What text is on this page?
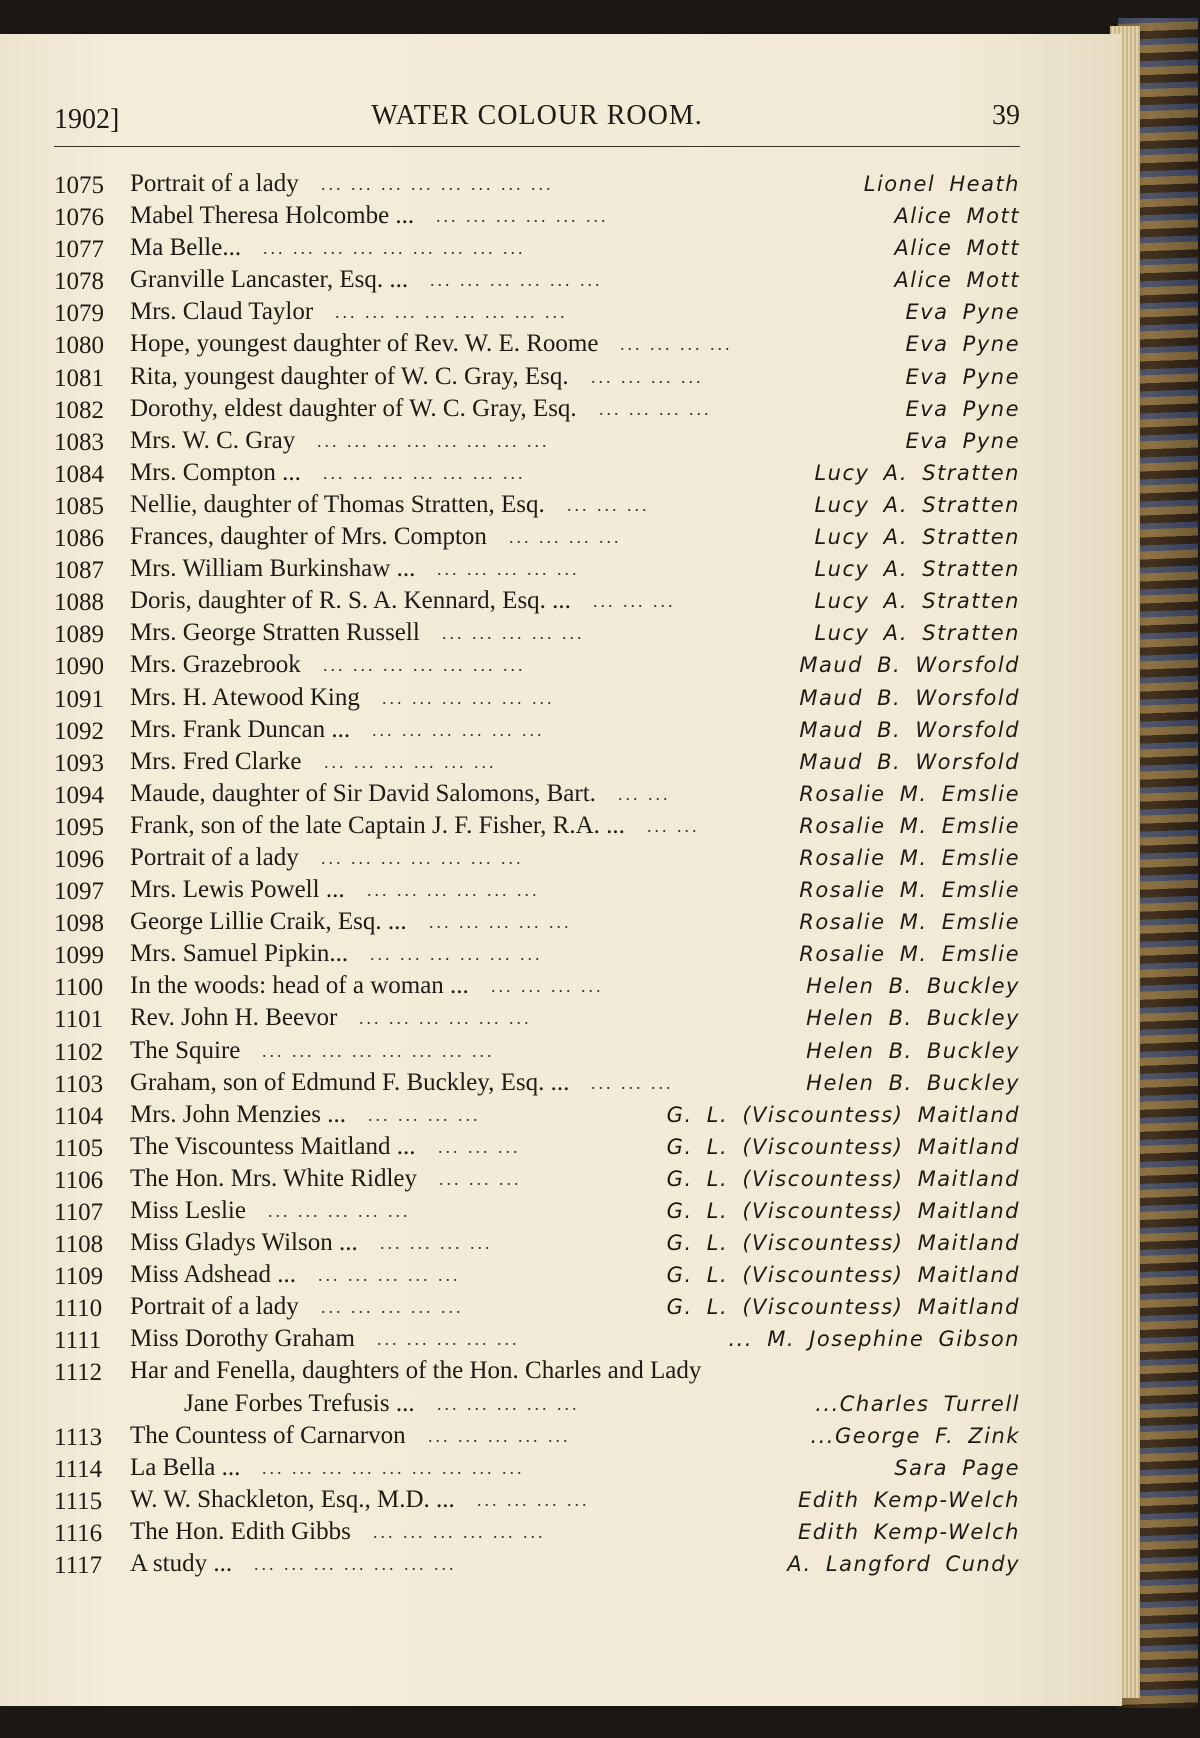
1902]	WATER COLOUR ROOM.	39
... ... ... ... ... ... ... ...
1075	Portrait of a lady	Lionel Heath
... ... ... ... ... ...
1076	Mabel Theresa Holcombe ...	Alice Mott
... ... ... ... ... ... ... ... ...
1077	Ma Belle...	Alice Mott
... ... ... ... ... ...
1078	Granville Lancaster, Esq. ...	Alice Mott
... ... ... ... ... ... ... ...
1079	Mrs. Claud Taylor	Eva Pyne
... ... ... ...
1080	Hope, youngest daughter of Rev. W. E. Roome	Eva Pyne
... ... ... ...
1081	Rita, youngest daughter of W. C. Gray, Esq.	Eva Pyne
... ... ... ...
1082	Dorothy, eldest daughter of W. C. Gray, Esq.	Eva Pyne
... ... ... ... ... ... ... ...
1083	Mrs. W. C. Gray	Eva Pyne
... ... ... ... ... ... ...
1084	Mrs. Compton ...	Lucy A. Stratten
... ... ...
1085	Nellie, daughter of Thomas Stratten, Esq.	Lucy A. Stratten
... ... ... ...
1086	Frances, daughter of Mrs. Compton	Lucy A. Stratten
... ... ... ... ...
1087	Mrs. William Burkinshaw ...	Lucy A. Stratten
... ... ...
1088	Doris, daughter of R. S. A. Kennard, Esq. ...	Lucy A. Stratten
... ... ... ... ...
1089	Mrs. George Stratten Russell	Lucy A. Stratten
... ... ... ... ... ... ...
1090	Mrs. Grazebrook	Maud B. Worsfold
... ... ... ... ... ...
1091	Mrs. H. Atewood King	Maud B. Worsfold
... ... ... ... ... ...
1092	Mrs. Frank Duncan ...	Maud B. Worsfold
... ... ... ... ... ...
1093	Mrs. Fred Clarke	Maud B. Worsfold
... ...
1094	Maude, daughter of Sir David Salomons, Bart.	Rosalie M. Emslie
... ...
1095	Frank, son of the late Captain J. F. Fisher, R.A. ...	Rosalie M. Emslie
... ... ... ... ... ... ...
1096	Portrait of a lady	Rosalie M. Emslie
... ... ... ... ... ...
1097	Mrs. Lewis Powell ...	Rosalie M. Emslie
... ... ... ... ...
1098	George Lillie Craik, Esq. ...	Rosalie M. Emslie
... ... ... ... ... ...
1099	Mrs. Samuel Pipkin...	Rosalie M. Emslie
... ... ... ...
1100	In the woods: head of a woman ...	Helen B. Buckley
... ... ... ... ... ...
1101	Rev. John H. Beevor	Helen B. Buckley
... ... ... ... ... ... ... ...
1102	The Squire	Helen B. Buckley
... ... ...
1103	Graham, son of Edmund F. Buckley, Esq. ...	Helen B. Buckley
... ... ... ...
1104	Mrs. John Menzies ...	G. L. (Viscountess) Maitland
... ... ...
1105	The Viscountess Maitland ...	G. L. (Viscountess) Maitland
... ... ...
1106	The Hon. Mrs. White Ridley	G. L. (Viscountess) Maitland
... ... ... ... ...
1107	Miss Leslie	G. L. (Viscountess) Maitland
... ... ... ...
1108	Miss Gladys Wilson ...	G. L. (Viscountess) Maitland
... ... ... ... ...
1109	Miss Adshead ...	G. L. (Viscountess) Maitland
... ... ... ... ...
1110	Portrait of a lady	G. L. (Viscountess) Maitland
... ... ... ... ...
1111	Miss Dorothy Graham	... M. Josephine Gibson
1112	Har and Fenella, daughters of the Hon. Charles and Lady
... ... ... ... ...
Jane Forbes Trefusis ...	...Charles Turrell
... ... ... ... ...
1113	The Countess of Carnarvon	...George F. Zink
... ... ... ... ... ... ... ... ...
1114	La Bella ...	Sara Page
... ... ... ...
1115	W. W. Shackleton, Esq., M.D. ...	Edith Kemp-Welch
... ... ... ... ... ...
1116	The Hon. Edith Gibbs	Edith Kemp-Welch
... ... ... ... ... ... ...
1117	A study ...	A. Langford Cundy
